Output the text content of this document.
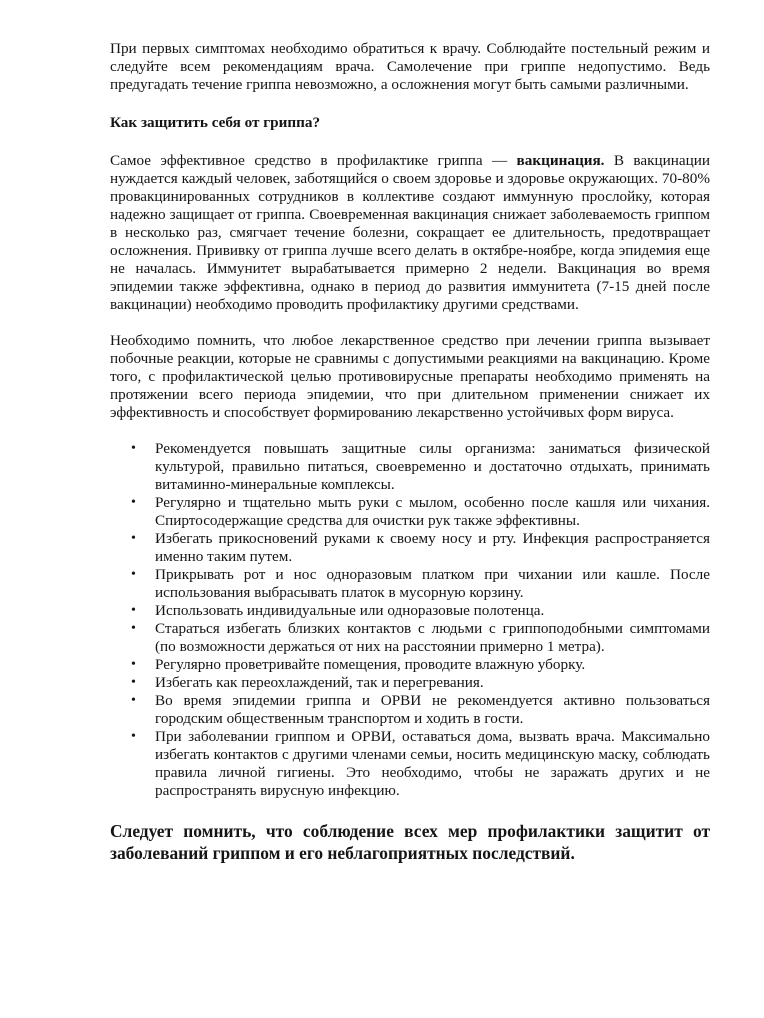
При первых симптомах необходимо обратиться к врачу. Соблюдайте постельный режим и следуйте всем рекомендациям врача. Самолечение при гриппе недопустимо. Ведь предугадать течение гриппа невозможно, а осложнения могут быть самыми различными.

Как защитить себя от гриппа?

Самое эффективное средство в профилактике гриппа — вакцинация. В вакцинации нуждается каждый человек, заботящийся о своем здоровье и здоровье окружающих. 70-80% провакцинированных сотрудников в коллективе создают иммунную прослойку, которая надежно защищает от гриппа. Своевременная вакцинация снижает заболеваемость гриппом в несколько раз, смягчает течение болезни, сокращает ее длительность, предотвращает осложнения. Прививку от гриппа лучше всего делать в октябре-ноябре, когда эпидемия еще не началась. Иммунитет вырабатывается примерно 2 недели. Вакцинация во время эпидемии также эффективна, однако в период до развития иммунитета (7-15 дней после вакцинации) необходимо проводить профилактику другими средствами.

Необходимо помнить, что любое лекарственное средство при лечении гриппа вызывает побочные реакции, которые не сравнимы с допустимыми реакциями на вакцинацию. Кроме того, с профилактической целью противовирусные препараты необходимо применять на протяжении всего периода эпидемии, что при длительном применении снижает их эффективность и способствует формированию лекарственно устойчивых форм вируса.

• Рекомендуется повышать защитные силы организма: заниматься физической культурой, правильно питаться, своевременно и достаточно отдыхать, принимать витаминно-минеральные комплексы.
• Регулярно и тщательно мыть руки с мылом, особенно после кашля или чихания. Спиртосодержащие средства для очистки рук также эффективны.
• Избегать прикосновений руками к своему носу и рту. Инфекция распространяется именно таким путем.
• Прикрывать рот и нос одноразовым платком при чихании или кашле. После использования выбрасывать платок в мусорную корзину.
• Использовать индивидуальные или одноразовые полотенца.
• Стараться избегать близких контактов с людьми с гриппоподобными симптомами (по возможности держаться от них на расстоянии примерно 1 метра).
• Регулярно проветривайте помещения, проводите влажную уборку.
• Избегать как переохлаждений, так и перегревания.
• Во время эпидемии гриппа и ОРВИ не рекомендуется активно пользоваться городским общественным транспортом и ходить в гости.
• При заболевании гриппом и ОРВИ, оставаться дома, вызвать врача. Максимально избегать контактов с другими членами семьи, носить медицинскую маску, соблюдать правила личной гигиены. Это необходимо, чтобы не заражать других и не распространять вирусную инфекцию.

Следует помнить, что соблюдение всех мер профилактики защитит от заболеваний гриппом и его неблагоприятных последствий.
